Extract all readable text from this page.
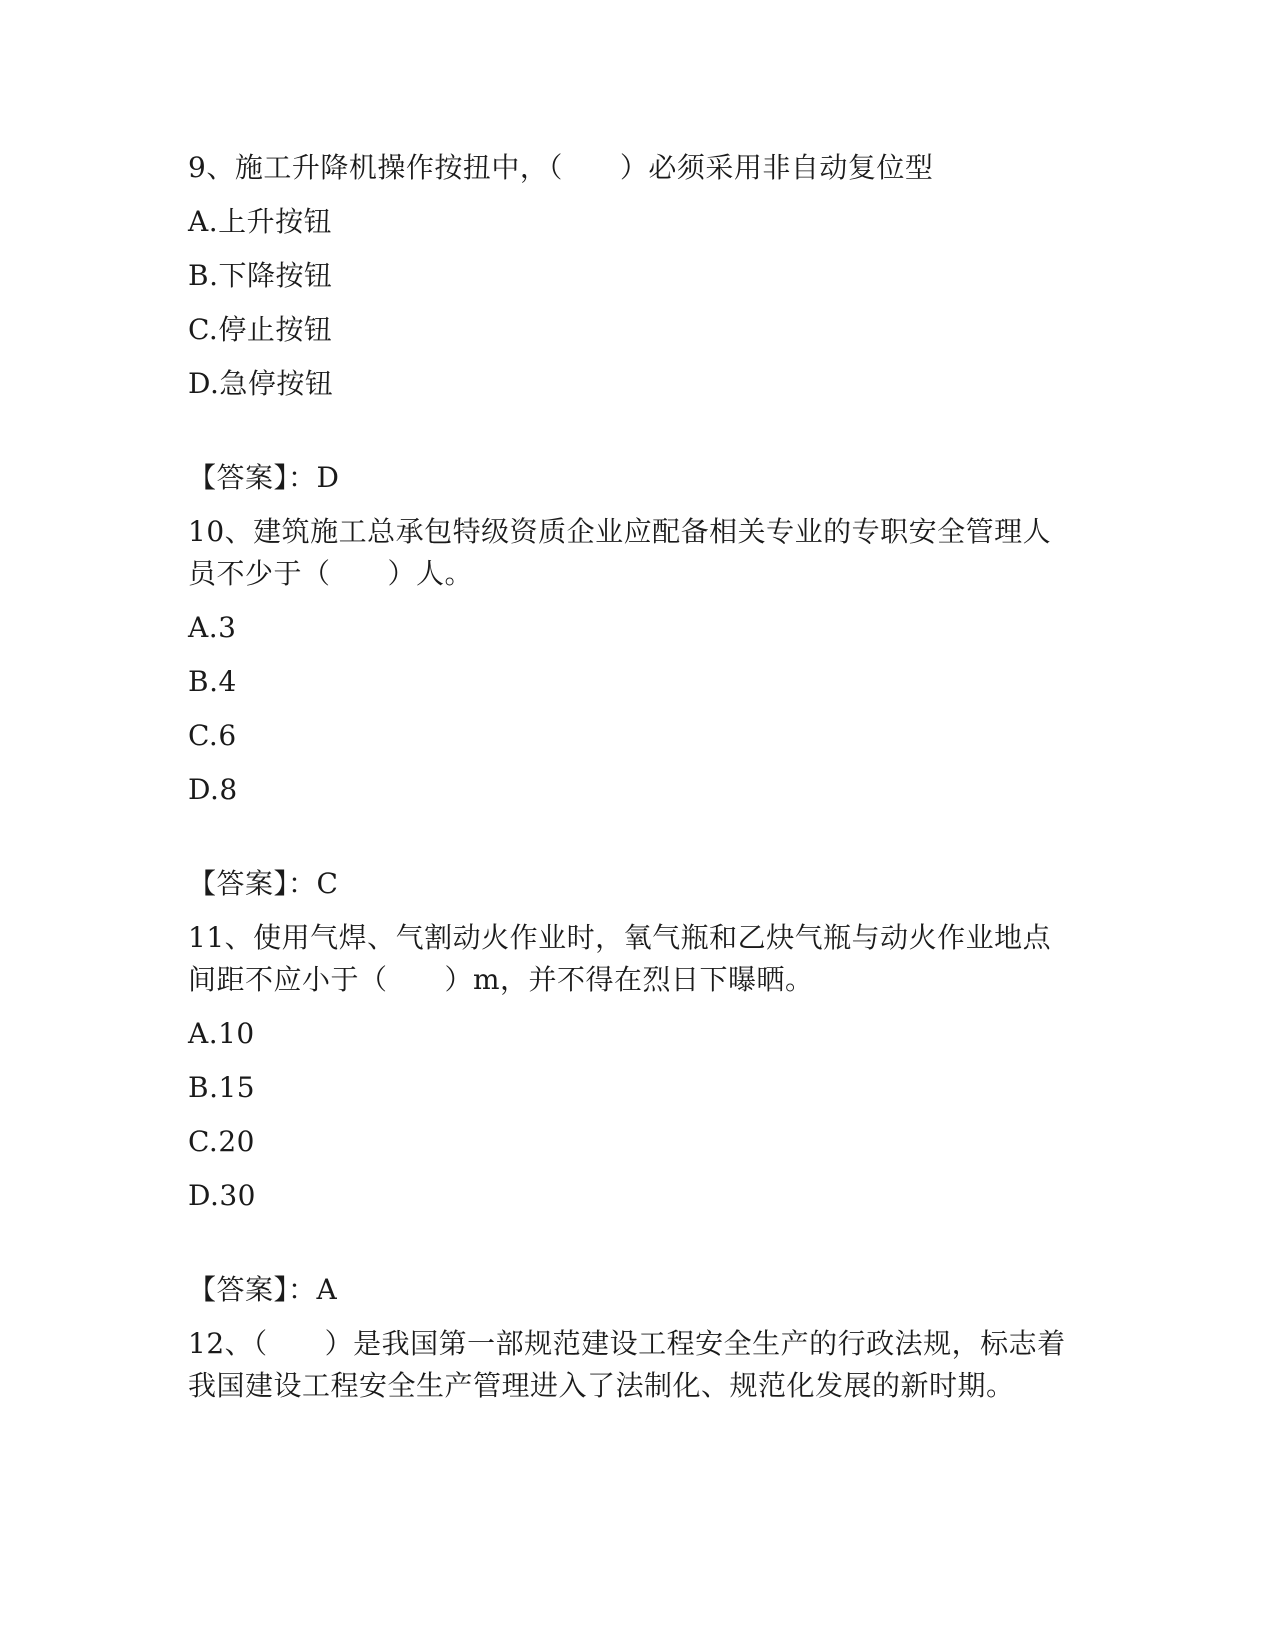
9、施工升降机操作按扭中，（　　）必须采用非自动复位型
A.上升按钮
B.下降按钮
C.停止按钮
D.急停按钮
【答案】：D
10、建筑施工总承包特级资质企业应配备相关专业的专职安全管理人
员不少于（　　）人。
A.3
B.4
C.6
D.8
【答案】：C
11、使用气焊、气割动火作业时，氧气瓶和乙炔气瓶与动火作业地点
间距不应小于（　　）m，并不得在烈日下曝晒。
A.10
B.15
C.20
D.30
【答案】：A
12、（　　）是我国第一部规范建设工程安全生产的行政法规，标志着
我国建设工程安全生产管理进入了法制化、规范化发展的新时期。
